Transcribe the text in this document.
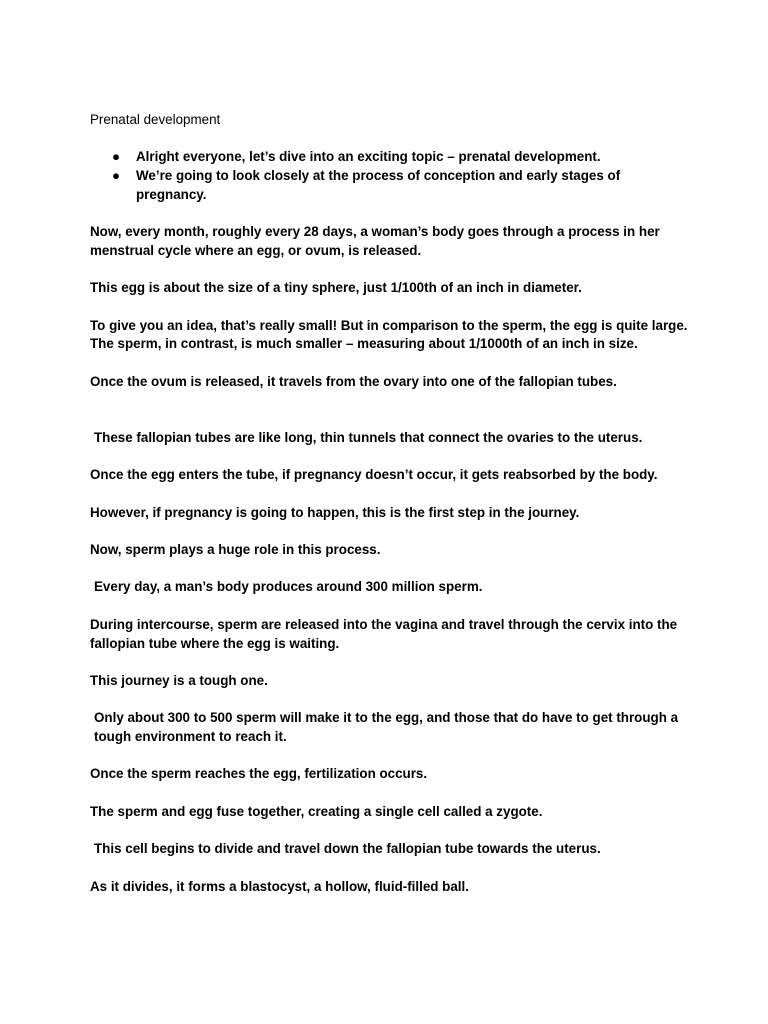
Prenatal development
● Alright everyone, let’s dive into an exciting topic – prenatal development.
● We’re going to look closely at the process of conception and early stages of pregnancy.

Now, every month, roughly every 28 days, a woman’s body goes through a process in her menstrual cycle where an egg, or ovum, is released.

This egg is about the size of a tiny sphere, just 1/100th of an inch in diameter.

To give you an idea, that’s really small! But in comparison to the sperm, the egg is quite large. The sperm, in contrast, is much smaller – measuring about 1/1000th of an inch in size.

Once the ovum is released, it travels from the ovary into one of the fallopian tubes.

These fallopian tubes are like long, thin tunnels that connect the ovaries to the uterus.

Once the egg enters the tube, if pregnancy doesn’t occur, it gets reabsorbed by the body.

However, if pregnancy is going to happen, this is the first step in the journey.

Now, sperm plays a huge role in this process.

Every day, a man’s body produces around 300 million sperm.

During intercourse, sperm are released into the vagina and travel through the cervix into the fallopian tube where the egg is waiting.

This journey is a tough one.

Only about 300 to 500 sperm will make it to the egg, and those that do have to get through a tough environment to reach it.

Once the sperm reaches the egg, fertilization occurs.

The sperm and egg fuse together, creating a single cell called a zygote.

This cell begins to divide and travel down the fallopian tube towards the uterus.

As it divides, it forms a blastocyst, a hollow, fluid-filled ball.
